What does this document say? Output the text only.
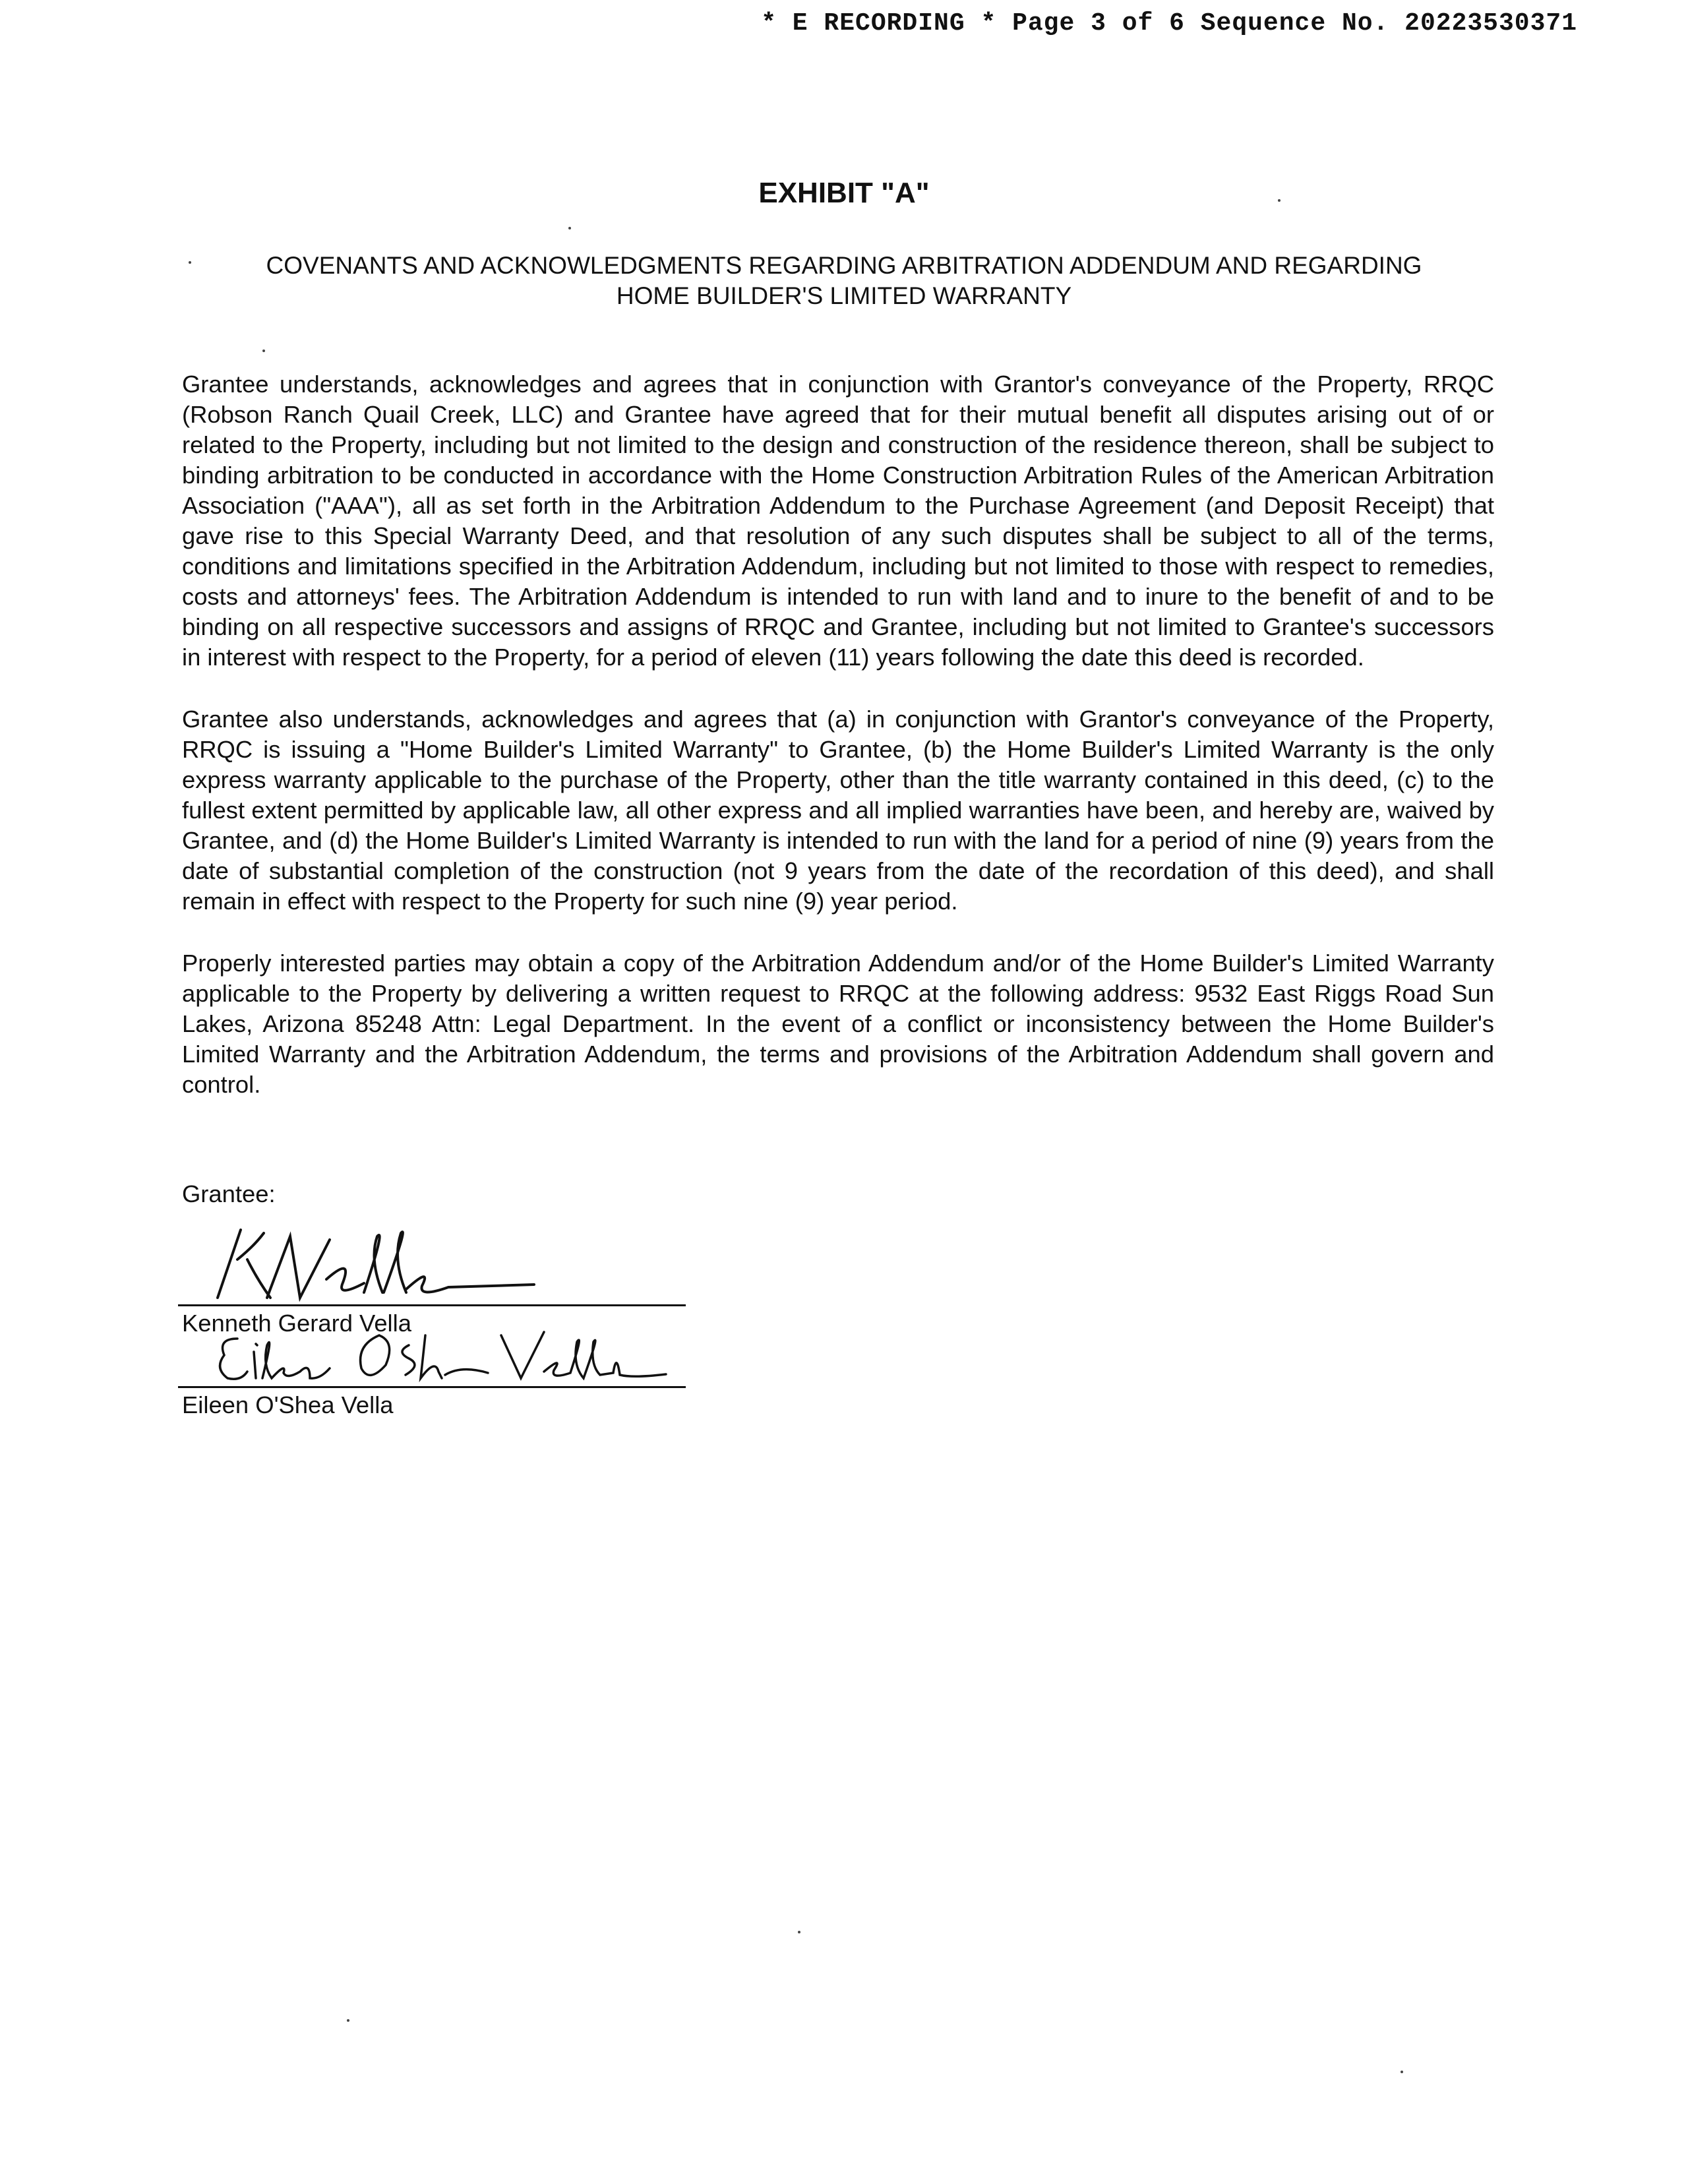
* E RECORDING * Page 3 of 6 Sequence No. 20223530371
EXHIBIT "A"
COVENANTS AND ACKNOWLEDGMENTS REGARDING ARBITRATION ADDENDUM AND REGARDING
HOME BUILDER'S LIMITED WARRANTY

Grantee understands, acknowledges and agrees that in conjunction with Grantor's conveyance of the Property, RRQC (Robson Ranch Quail Creek, LLC) and Grantee have agreed that for their mutual benefit all disputes arising out of or related to the Property, including but not limited to the design and construction of the residence thereon, shall be subject to binding arbitration to be conducted in accordance with the Home Construction Arbitration Rules of the American Arbitration Association ("AAA"), all as set forth in the Arbitration Addendum to the Purchase Agreement (and Deposit Receipt) that gave rise to this Special Warranty Deed, and that resolution of any such disputes shall be subject to all of the terms, conditions and limitations specified in the Arbitration Addendum, including but not limited to those with respect to remedies, costs and attorneys' fees. The Arbitration Addendum is intended to run with land and to inure to the benefit of and to be binding on all respective successors and assigns of RRQC and Grantee, including but not limited to Grantee's successors in interest with respect to the Property, for a period of eleven (11) years following the date this deed is recorded.

Grantee also understands, acknowledges and agrees that (a) in conjunction with Grantor's conveyance of the Property, RRQC is issuing a "Home Builder's Limited Warranty" to Grantee, (b) the Home Builder's Limited Warranty is the only express warranty applicable to the purchase of the Property, other than the title warranty contained in this deed, (c) to the fullest extent permitted by applicable law, all other express and all implied warranties have been, and hereby are, waived by Grantee, and (d) the Home Builder's Limited Warranty is intended to run with the land for a period of nine (9) years from the date of substantial completion of the construction (not 9 years from the date of the recordation of this deed), and shall remain in effect with respect to the Property for such nine (9) year period.

Properly interested parties may obtain a copy of the Arbitration Addendum and/or of the Home Builder's Limited Warranty applicable to the Property by delivering a written request to RRQC at the following address: 9532 East Riggs Road Sun Lakes, Arizona 85248 Attn: Legal Department. In the event of a conflict or inconsistency between the Home Builder's Limited Warranty and the Arbitration Addendum, the terms and provisions of the Arbitration Addendum shall govern and control.

Grantee:
Kenneth Gerard Vella
Eileen O'Shea Vella
